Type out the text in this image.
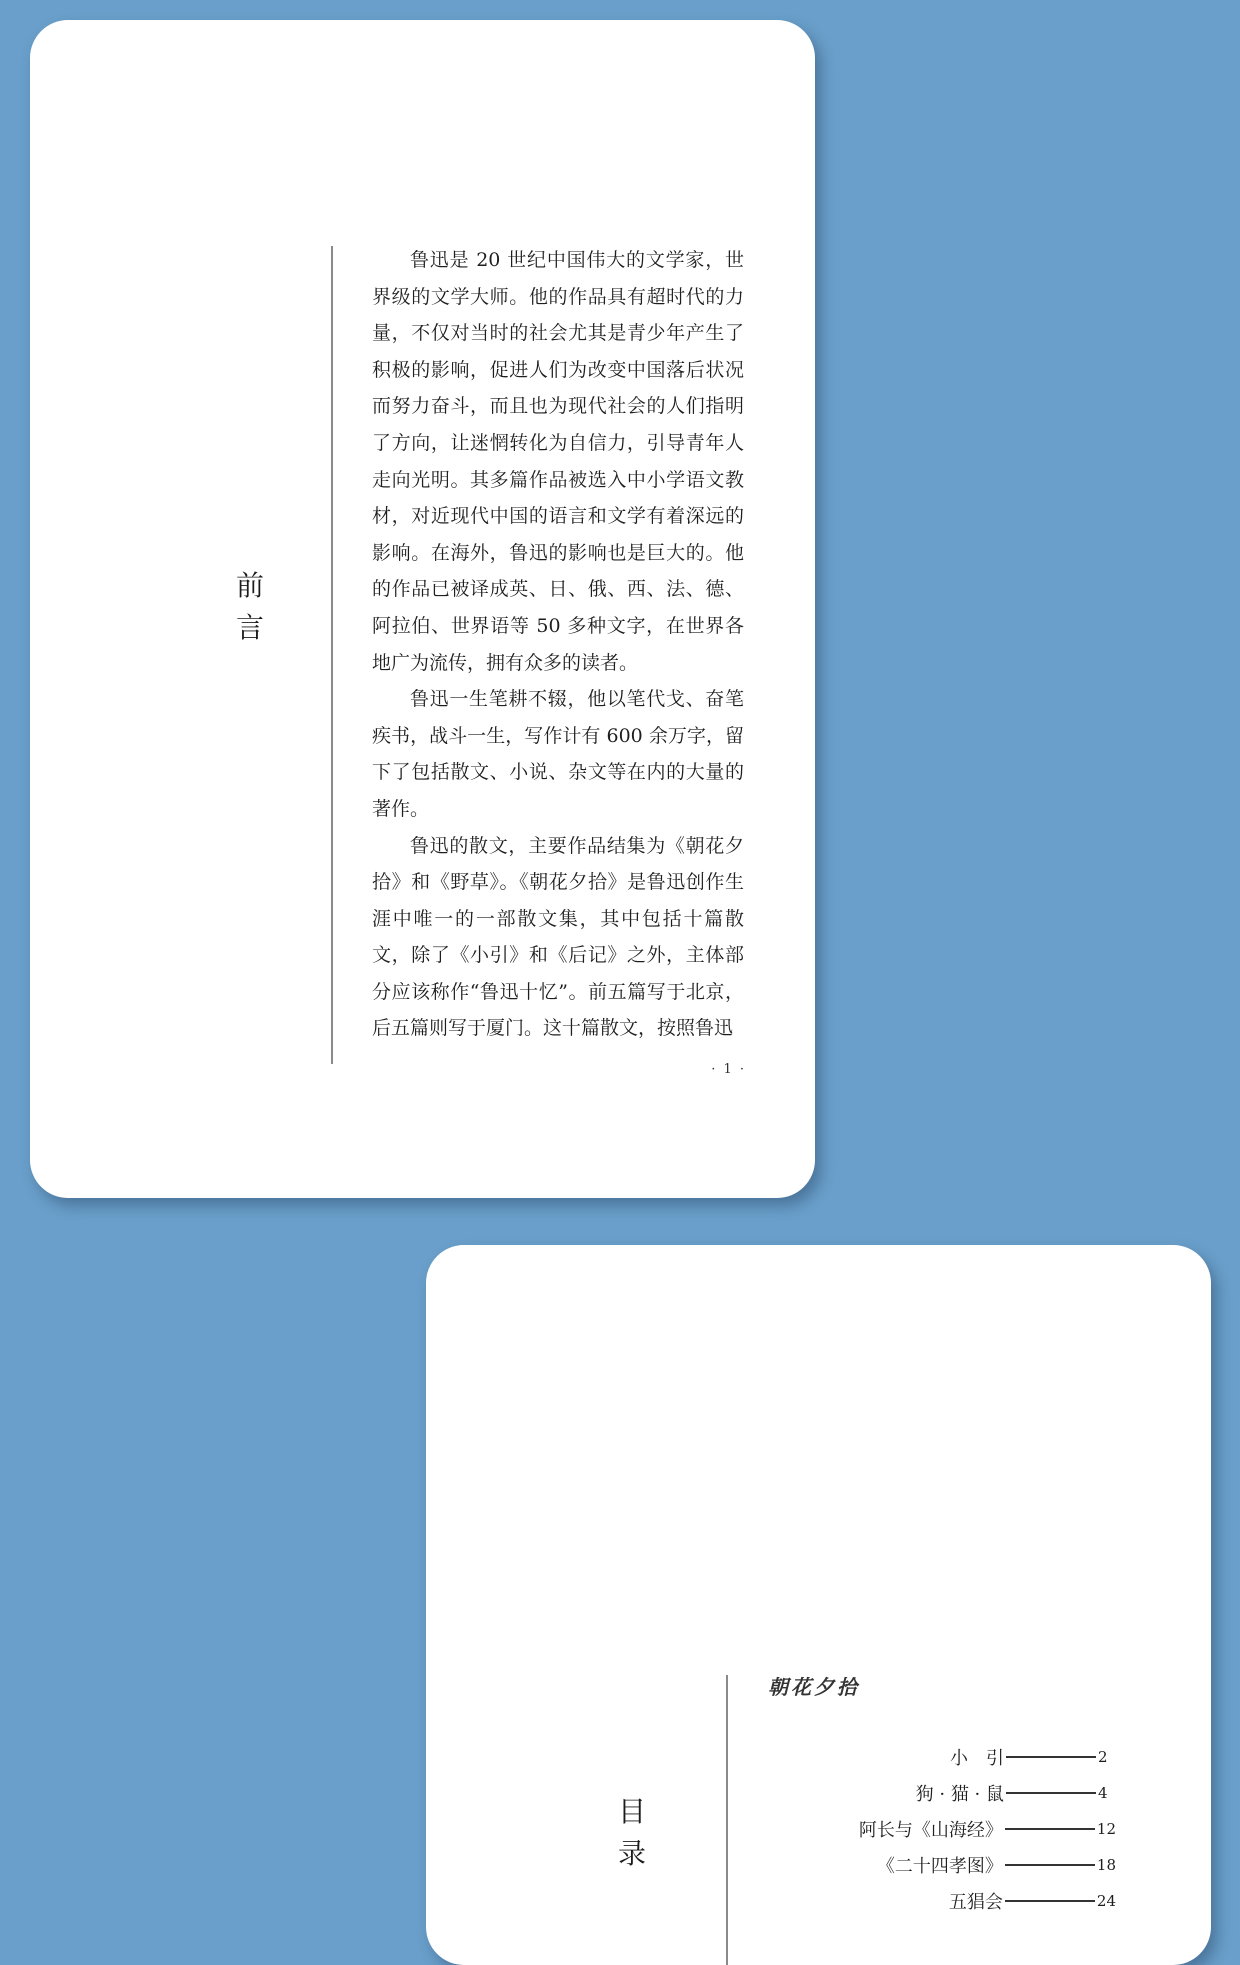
前
言

鲁迅是 20 世纪中国伟大的文学家，世界级的文学大师。他的作品具有超时代的力量，不仅对当时的社会尤其是青少年产生了积极的影响，促进人们为改变中国落后状况而努力奋斗，而且也为现代社会的人们指明了方向，让迷惘转化为自信力，引导青年人走向光明。其多篇作品被选入中小学语文教材，对近现代中国的语言和文学有着深远的影响。在海外，鲁迅的影响也是巨大的。他的作品已被译成英、日、俄、西、法、德、阿拉伯、世界语等 50 多种文字，在世界各地广为流传，拥有众多的读者。

鲁迅一生笔耕不辍，他以笔代戈、奋笔疾书，战斗一生，写作计有 600 余万字，留下了包括散文、小说、杂文等在内的大量的著作。

鲁迅的散文，主要作品结集为《朝花夕拾》和《野草》。《朝花夕拾》是鲁迅创作生涯中唯一的一部散文集，其中包括十篇散文，除了《小引》和《后记》之外，主体部分应该称作“鲁迅十忆”。前五篇写于北京，后五篇则写于厦门。这十篇散文，按照鲁迅

· 1 ·
朝花夕拾
目
录
小　引	2
狗 · 猫 · 鼠	4
阿长与《山海经》	12
《二十四孝图》	18
五猖会	24
